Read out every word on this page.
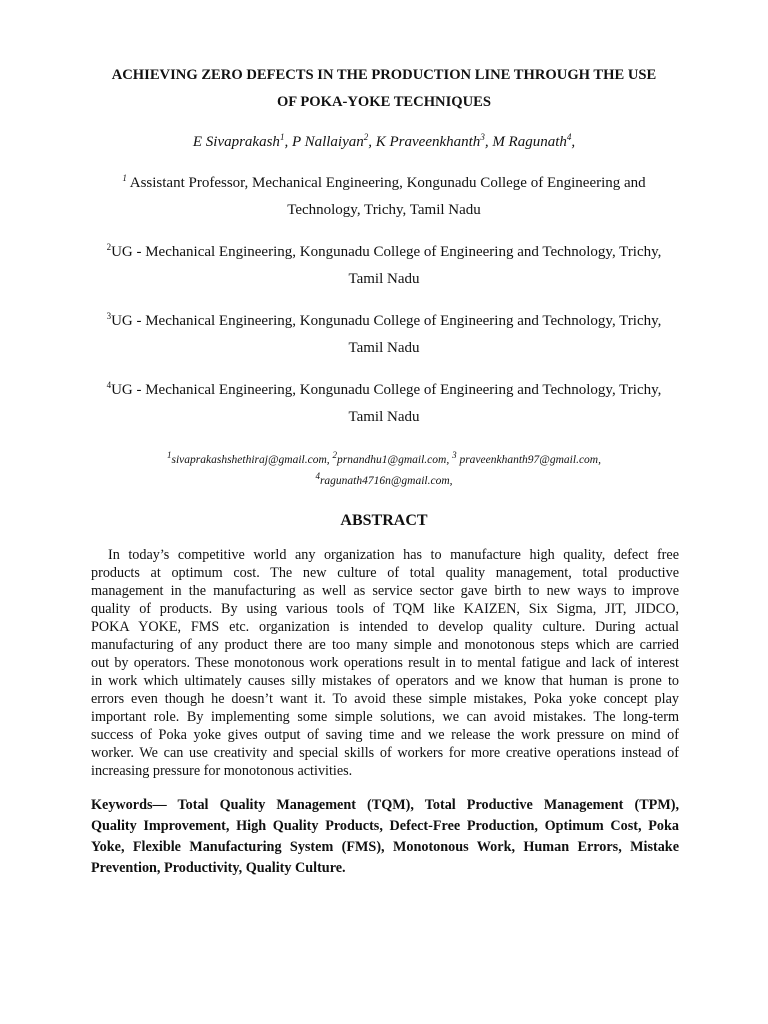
ACHIEVING ZERO DEFECTS IN THE PRODUCTION LINE THROUGH THE USE
OF POKA-YOKE TECHNIQUES
E Sivaprakash$^1$, P Nallaiyan$^2$, K Praveenkhanth$^3$, M Ragunath$^4$,
$^1$ Assistant Professor, Mechanical Engineering, Kongunadu College of Engineering and
Technology, Trichy, Tamil Nadu
$^2$UG - Mechanical Engineering, Kongunadu College of Engineering and Technology, Trichy,
Tamil Nadu
$^3$UG - Mechanical Engineering, Kongunadu College of Engineering and Technology, Trichy,
Tamil Nadu
$^4$UG - Mechanical Engineering, Kongunadu College of Engineering and Technology, Trichy,
Tamil Nadu
$^1$sivaprakashshethiraj@gmail.com, $^2$prnandhu1@gmail.com, $^3$ praveenkhanth97@gmail.com,
$^4$ragunath4716n@gmail.com,
ABSTRACT
In today’s competitive world any organization has to manufacture high quality, defect free
products at optimum cost. The new culture of total quality management, total productive
management in the manufacturing as well as service sector gave birth to new ways to improve
quality of products. By using various tools of TQM like KAIZEN, Six Sigma, JIT, JIDCO,
POKA YOKE, FMS etc. organization is intended to develop quality culture. During actual
manufacturing of any product there are too many simple and monotonous steps which are carried
out by operators. These monotonous work operations result in to mental fatigue and lack of interest
in work which ultimately causes silly mistakes of operators and we know that human is prone to
errors even though he doesn’t want it. To avoid these simple mistakes, Poka yoke concept play
important role. By implementing some simple solutions, we can avoid mistakes. The long-term
success of Poka yoke gives output of saving time and we release the work pressure on mind of
worker. We can use creativity and special skills of workers for more creative operations instead of
increasing pressure for monotonous activities.
Keywords— Total Quality Management (TQM), Total Productive Management (TPM),
Quality Improvement, High Quality Products, Defect-Free Production, Optimum Cost, Poka
Yoke, Flexible Manufacturing System (FMS), Monotonous Work, Human Errors, Mistake
Prevention, Productivity, Quality Culture.
